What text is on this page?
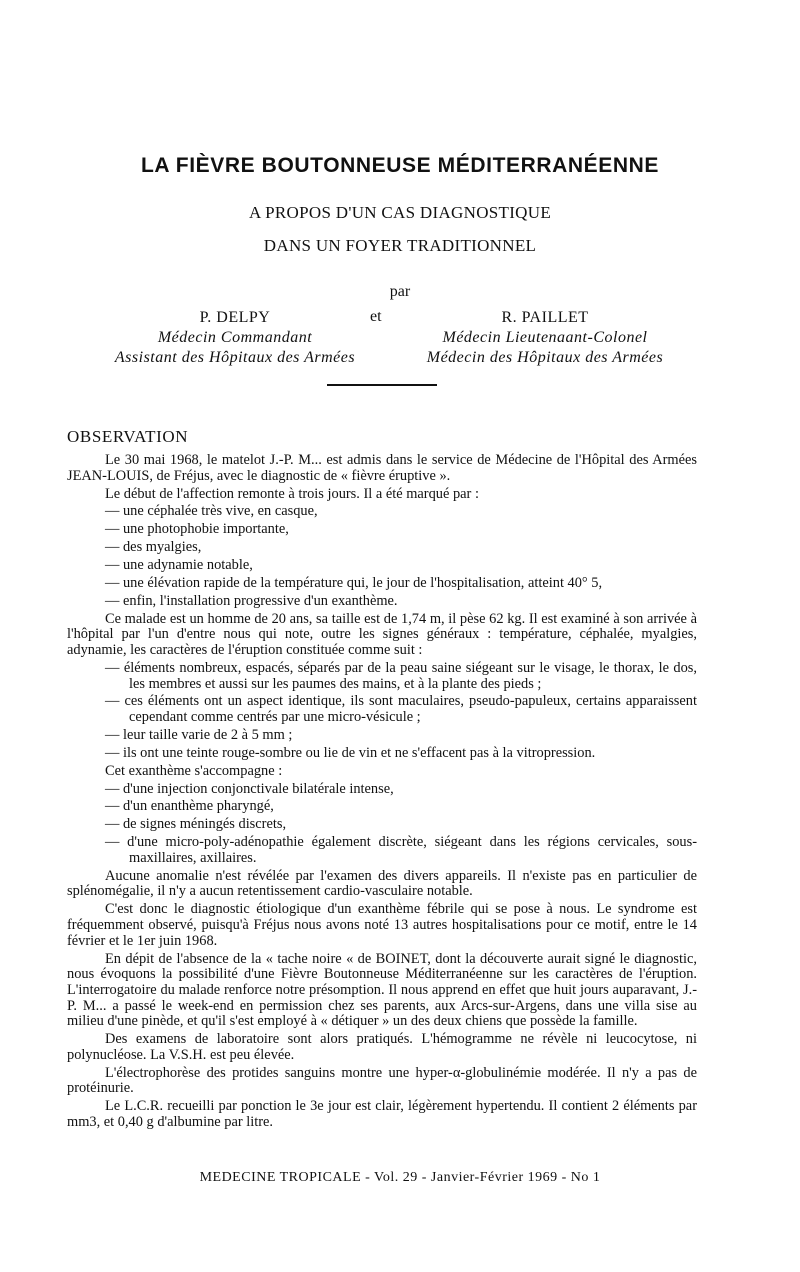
LA FIÈVRE BOUTONNEUSE MÉDITERRANÉENNE
A PROPOS D'UN CAS DIAGNOSTIQUE
DANS UN FOYER TRADITIONNEL
par
P. DELPY
Médecin Commandant
Assistant des Hôpitaux des Armées
et	R. PAILLET
Médecin Lieutenaant-Colonel
Médecin des Hôpitaux des Armées
OBSERVATION

Le 30 mai 1968, le matelot J.-P. M... est admis dans le service de Médecine de l'Hôpital des Armées JEAN-LOUIS, de Fréjus, avec le diagnostic de « fièvre éruptive ».

Le début de l'affection remonte à trois jours. Il a été marqué par :

— une céphalée très vive, en casque,

— une photophobie importante,

— des myalgies,

— une adynamie notable,

— une élévation rapide de la température qui, le jour de l'hospitalisation, atteint 40° 5,

— enfin, l'installation progressive d'un exanthème.

Ce malade est un homme de 20 ans, sa taille est de 1,74 m, il pèse 62 kg. Il est examiné à son arrivée à l'hôpital par l'un d'entre nous qui note, outre les signes généraux : température, céphalée, myalgies, adynamie, les caractères de l'éruption constituée comme suit :

— éléments nombreux, espacés, séparés par de la peau saine siégeant sur le visage, le thorax, le dos, les membres et aussi sur les paumes des mains, et à la plante des pieds ;

— ces éléments ont un aspect identique, ils sont maculaires, pseudo-papuleux, certains apparaissent cependant comme centrés par une micro-vésicule ;

— leur taille varie de 2 à 5 mm ;

— ils ont une teinte rouge-sombre ou lie de vin et ne s'effacent pas à la vitropression.

Cet exanthème s'accompagne :

— d'une injection conjonctivale bilatérale intense,

— d'un enanthème pharyngé,

— de signes méningés discrets,

— d'une micro-poly-adénopathie également discrète, siégeant dans les régions cervicales, sous-maxillaires, axillaires.

Aucune anomalie n'est révélée par l'examen des divers appareils. Il n'existe pas en particulier de splénomégalie, il n'y a aucun retentissement cardio-vasculaire notable.

C'est donc le diagnostic étiologique d'un exanthème fébrile qui se pose à nous. Le syndrome est fréquemment observé, puisqu'à Fréjus nous avons noté 13 autres hospitalisations pour ce motif, entre le 14 février et le 1er juin 1968.

En dépit de l'absence de la « tache noire « de BOINET, dont la découverte aurait signé le diagnostic, nous évoquons la possibilité d'une Fièvre Boutonneuse Méditerranéenne sur les caractères de l'éruption. L'interrogatoire du malade renforce notre présomption. Il nous apprend en effet que huit jours auparavant, J.-P. M... a passé le week-end en permission chez ses parents, aux Arcs-sur-Argens, dans une villa sise au milieu d'une pinède, et qu'il s'est employé à « détiquer » un des deux chiens que possède la famille.

Des examens de laboratoire sont alors pratiqués. L'hémogramme ne révèle ni leucocytose, ni polynucléose. La V.S.H. est peu élevée.

L'électrophorèse des protides sanguins montre une hyper-α-globulinémie modérée. Il n'y a pas de protéinurie.

Le L.C.R. recueilli par ponction le 3e jour est clair, légèrement hypertendu. Il contient 2 éléments par mm3, et 0,40 g d'albumine par litre.

MEDECINE TROPICALE - Vol. 29 - Janvier-Février 1969 - No 1
